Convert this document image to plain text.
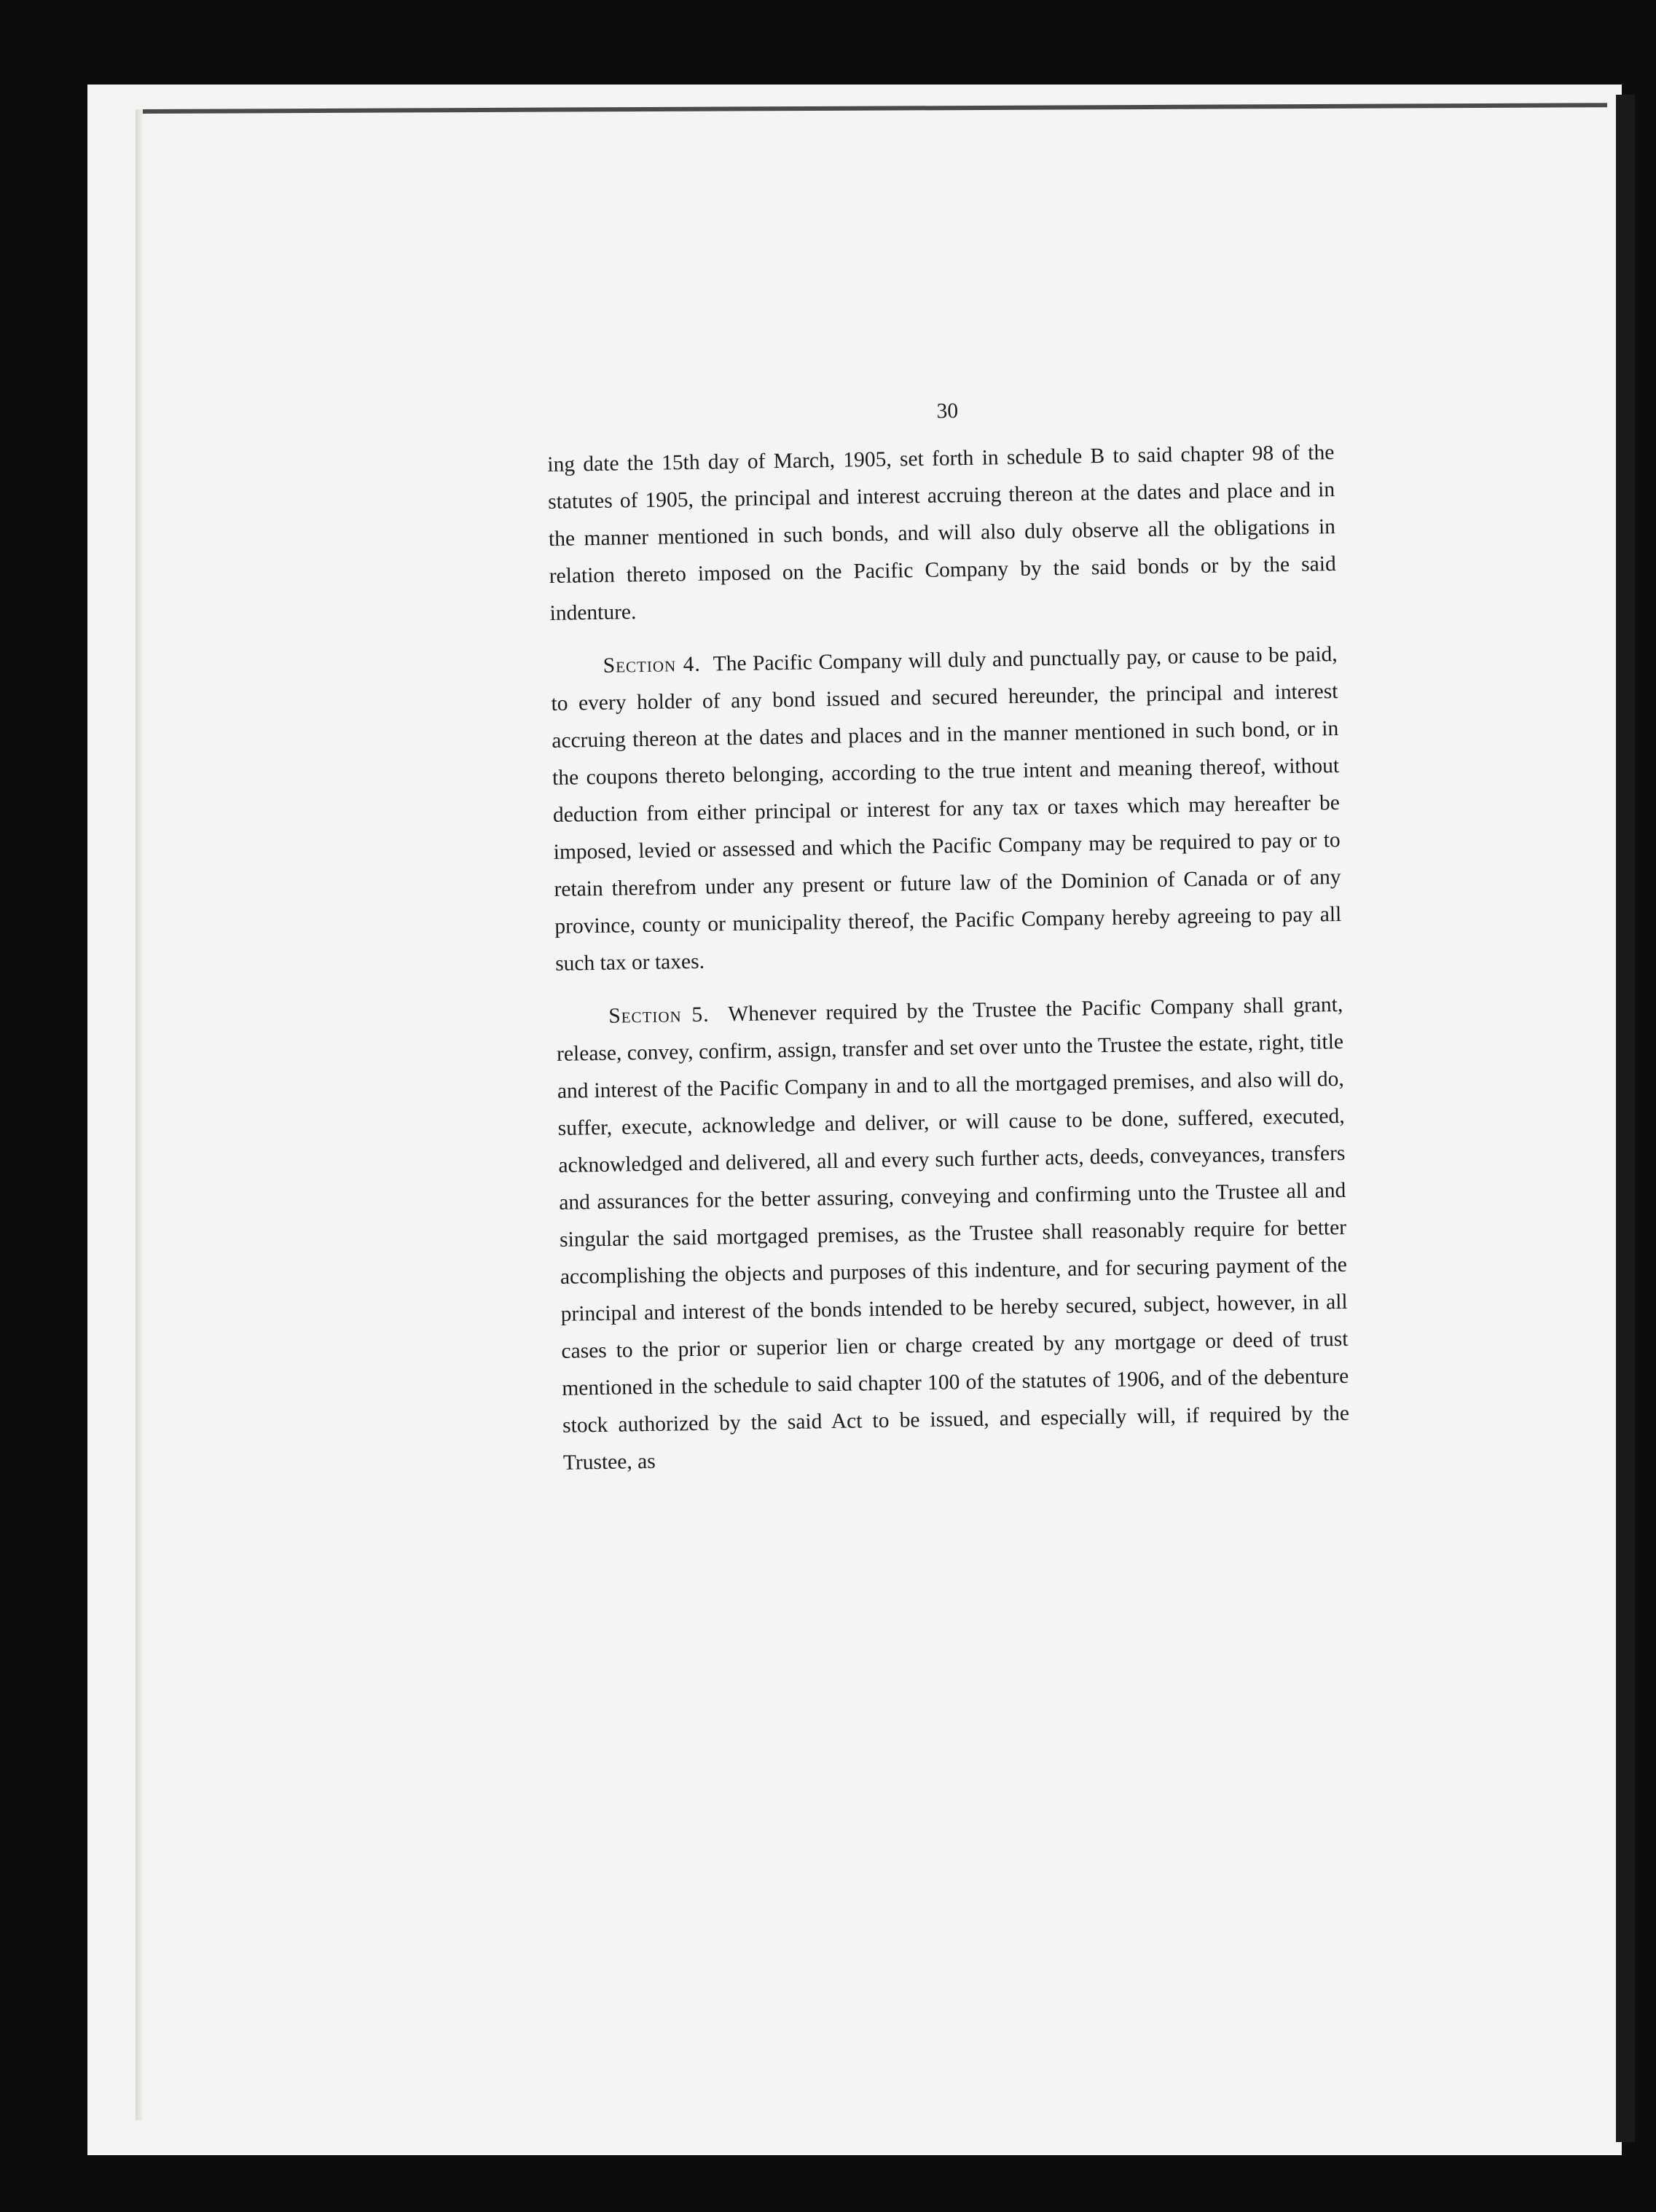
30

ing date the 15th day of March, 1905, set forth in schedule B to said chapter 98 of the statutes of 1905, the principal and interest accruing thereon at the dates and place and in the manner mentioned in such bonds, and will also duly observe all the obligations in relation thereto imposed on the Pacific Company by the said bonds or by the said indenture.

Section 4. The Pacific Company will duly and punctually pay, or cause to be paid, to every holder of any bond issued and secured hereunder, the principal and interest accruing thereon at the dates and places and in the manner mentioned in such bond, or in the coupons thereto belonging, according to the true intent and meaning thereof, without deduction from either principal or interest for any tax or taxes which may hereafter be imposed, levied or assessed and which the Pacific Company may be required to pay or to retain therefrom under any present or future law of the Dominion of Canada or of any province, county or municipality thereof, the Pacific Company hereby agreeing to pay all such tax or taxes.

Section 5. Whenever required by the Trustee the Pacific Company shall grant, release, convey, confirm, assign, transfer and set over unto the Trustee the estate, right, title and interest of the Pacific Company in and to all the mortgaged premises, and also will do, suffer, execute, acknowledge and deliver, or will cause to be done, suffered, executed, acknowledged and delivered, all and every such further acts, deeds, conveyances, transfers and assurances for the better assuring, conveying and confirming unto the Trustee all and singular the said mortgaged premises, as the Trustee shall reasonably require for better accomplishing the objects and purposes of this indenture, and for securing payment of the principal and interest of the bonds intended to be hereby secured, subject, however, in all cases to the prior or superior lien or charge created by any mortgage or deed of trust mentioned in the schedule to said chapter 100 of the statutes of 1906, and of the debenture stock authorized by the said Act to be issued, and especially will, if required by the Trustee, as
